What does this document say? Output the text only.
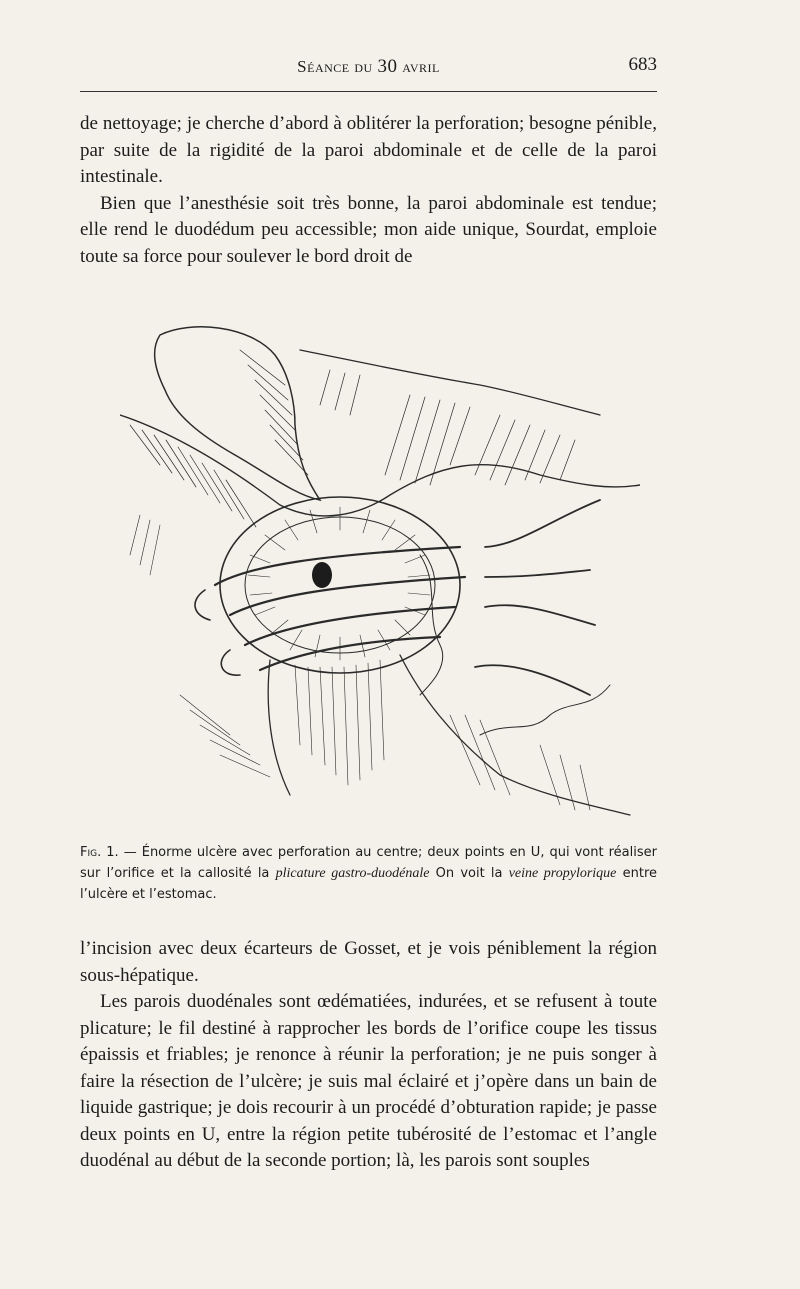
Séance du 30 avril	683

de nettoyage; je cherche d’abord à oblitérer la perforation; besogne pénible, par suite de la rigidité de la paroi abdominale et de celle de la paroi intestinale.

Bien que l’anesthésie soit très bonne, la paroi abdominale est tendue; elle rend le duodédum peu accessible; mon aide unique, Sourdat, emploie toute sa force pour soulever le bord droit de

Fig. 1. — Énorme ulcère avec perforation au centre; deux points en U, qui vont réaliser sur l’orifice et la callosité la plicature gastro-duodénale On voit la veine propylorique entre l’ulcère et l’estomac.

l’incision avec deux écarteurs de Gosset, et je vois péniblement la région sous-hépatique.

Les parois duodénales sont œdématiées, indurées, et se refusent à toute plicature; le fil destiné à rapprocher les bords de l’orifice coupe les tissus épaissis et friables; je renonce à réunir la perforation; je ne puis songer à faire la résection de l’ulcère; je suis mal éclairé et j’opère dans un bain de liquide gastrique; je dois recourir à un procédé d’obturation rapide; je passe deux points en U, entre la région petite tubérosité de l’estomac et l’angle duodénal au début de la seconde portion; là, les parois sont souples
